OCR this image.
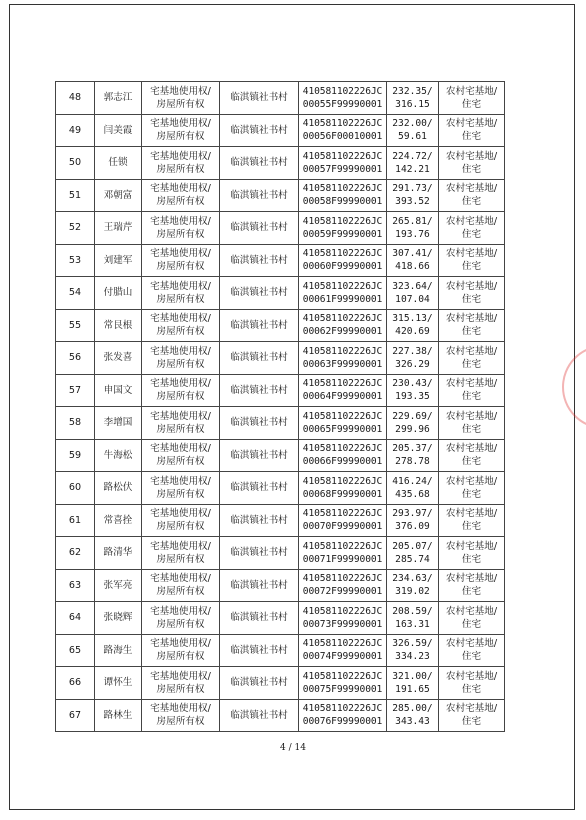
48	郭志江	宅基地使用权/
房屋所有权	临淇镇社书村	410581102226JC
00055F99990001	232.35/
316.15	农村宅基地/
住宅

49	闫美霞	宅基地使用权/
房屋所有权	临淇镇社书村	410581102226JC
00056F00010001	232.00/
59.61	农村宅基地/
住宅

50	任锁	宅基地使用权/
房屋所有权	临淇镇社书村	410581102226JC
00057F99990001	224.72/
142.21	农村宅基地/
住宅

51	邓朝富	宅基地使用权/
房屋所有权	临淇镇社书村	410581102226JC
00058F99990001	291.73/
393.52	农村宅基地/
住宅

52	王瑞芹	宅基地使用权/
房屋所有权	临淇镇社书村	410581102226JC
00059F99990001	265.81/
193.76	农村宅基地/
住宅

53	刘建军	宅基地使用权/
房屋所有权	临淇镇社书村	410581102226JC
00060F99990001	307.41/
418.66	农村宅基地/
住宅

54	付腊山	宅基地使用权/
房屋所有权	临淇镇社书村	410581102226JC
00061F99990001	323.64/
107.04	农村宅基地/
住宅

55	常艮根	宅基地使用权/
房屋所有权	临淇镇社书村	410581102226JC
00062F99990001	315.13/
420.69	农村宅基地/
住宅

56	张发喜	宅基地使用权/
房屋所有权	临淇镇社书村	410581102226JC
00063F99990001	227.38/
326.29	农村宅基地/
住宅

57	申国文	宅基地使用权/
房屋所有权	临淇镇社书村	410581102226JC
00064F99990001	230.43/
193.35	农村宅基地/
住宅

58	李增国	宅基地使用权/
房屋所有权	临淇镇社书村	410581102226JC
00065F99990001	229.69/
299.96	农村宅基地/
住宅

59	牛海松	宅基地使用权/
房屋所有权	临淇镇社书村	410581102226JC
00066F99990001	205.37/
278.78	农村宅基地/
住宅

60	路松伏	宅基地使用权/
房屋所有权	临淇镇社书村	410581102226JC
00068F99990001	416.24/
435.68	农村宅基地/
住宅

61	常喜拴	宅基地使用权/
房屋所有权	临淇镇社书村	410581102226JC
00070F99990001	293.97/
376.09	农村宅基地/
住宅

62	路清华	宅基地使用权/
房屋所有权	临淇镇社书村	410581102226JC
00071F99990001	205.07/
285.74	农村宅基地/
住宅

63	张军亮	宅基地使用权/
房屋所有权	临淇镇社书村	410581102226JC
00072F99990001	234.63/
319.02	农村宅基地/
住宅

64	张晓辉	宅基地使用权/
房屋所有权	临淇镇社书村	410581102226JC
00073F99990001	208.59/
163.31	农村宅基地/
住宅

65	路海生	宅基地使用权/
房屋所有权	临淇镇社书村	410581102226JC
00074F99990001	326.59/
334.23	农村宅基地/
住宅

66	谭怀生	宅基地使用权/
房屋所有权	临淇镇社书村	410581102226JC
00075F99990001	321.00/
191.65	农村宅基地/
住宅

67	路林生	宅基地使用权/
房屋所有权	临淇镇社书村	410581102226JC
00076F99990001	285.00/
343.43	农村宅基地/
住宅
4 / 14
